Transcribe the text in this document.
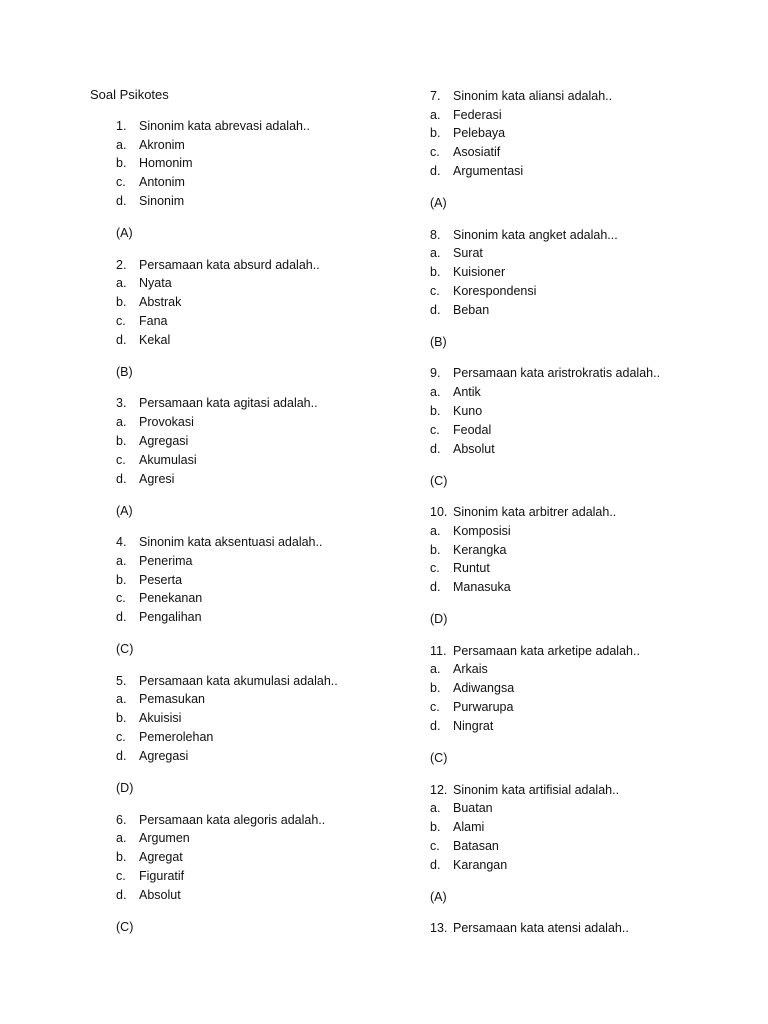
Soal Psikotes
1. Sinonim kata abrevasi adalah..
a. Akronim
b. Homonim
c. Antonim
d. Sinonim
(A)
2. Persamaan kata absurd adalah..
a. Nyata
b. Abstrak
c. Fana
d. Kekal
(B)
3. Persamaan kata agitasi adalah..
a. Provokasi
b. Agregasi
c. Akumulasi
d. Agresi
(A)
4. Sinonim kata aksentuasi adalah..
a. Penerima
b. Peserta
c. Penekanan
d. Pengalihan
(C)
5. Persamaan kata akumulasi adalah..
a. Pemasukan
b. Akuisisi
c. Pemerolehan
d. Agregasi
(D)
6. Persamaan kata alegoris adalah..
a. Argumen
b. Agregat
c. Figuratif
d. Absolut
(C)
7. Sinonim kata aliansi adalah..
a. Federasi
b. Pelebaya
c. Asosiatif
d. Argumentasi
(A)
8. Sinonim kata angket adalah...
a. Surat
b. Kuisioner
c. Korespondensi
d. Beban
(B)
9. Persamaan kata aristrokratis adalah..
a. Antik
b. Kuno
c. Feodal
d. Absolut
(C)
10. Sinonim kata arbitrer adalah..
a. Komposisi
b. Kerangka
c. Runtut
d. Manasuka
(D)
11. Persamaan kata arketipe adalah..
a. Arkais
b. Adiwangsa
c. Purwarupa
d. Ningrat
(C)
12. Sinonim kata artifisial adalah..
a. Buatan
b. Alami
c. Batasan
d. Karangan
(A)
13. Persamaan kata atensi adalah..
